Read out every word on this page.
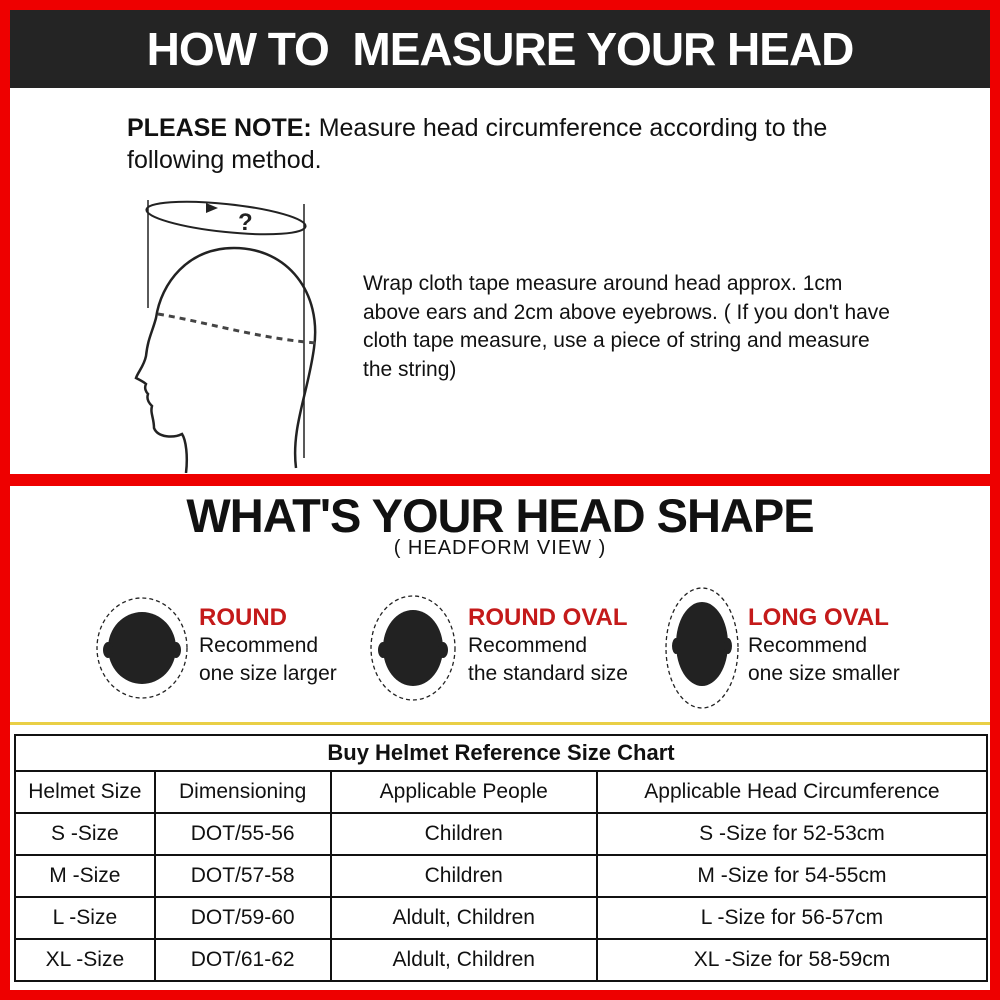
HOW TO  MEASURE YOUR HEAD
PLEASE NOTE: Measure head circumference according to the following method.
?
Wrap cloth tape measure around head approx. 1cm above ears and 2cm above eyebrows. ( If you don't have cloth tape measure, use a piece of string and measure the string)
WHAT'S YOUR HEAD SHAPE
( HEADFORM VIEW )
ROUND
Recommend
one size larger
ROUND OVAL
Recommend
the standard size
LONG OVAL
Recommend
one size smaller
Buy Helmet Reference Size Chart			
Helmet Size	Dimensioning	Applicable People	Applicable Head Circumference
S -Size	DOT/55-56	Children	S -Size for 52-53cm
M -Size	DOT/57-58	Children	M -Size for 54-55cm
L -Size	DOT/59-60	Aldult, Children	L -Size for 56-57cm
XL -Size	DOT/61-62	Aldult, Children	XL -Size for 58-59cm
